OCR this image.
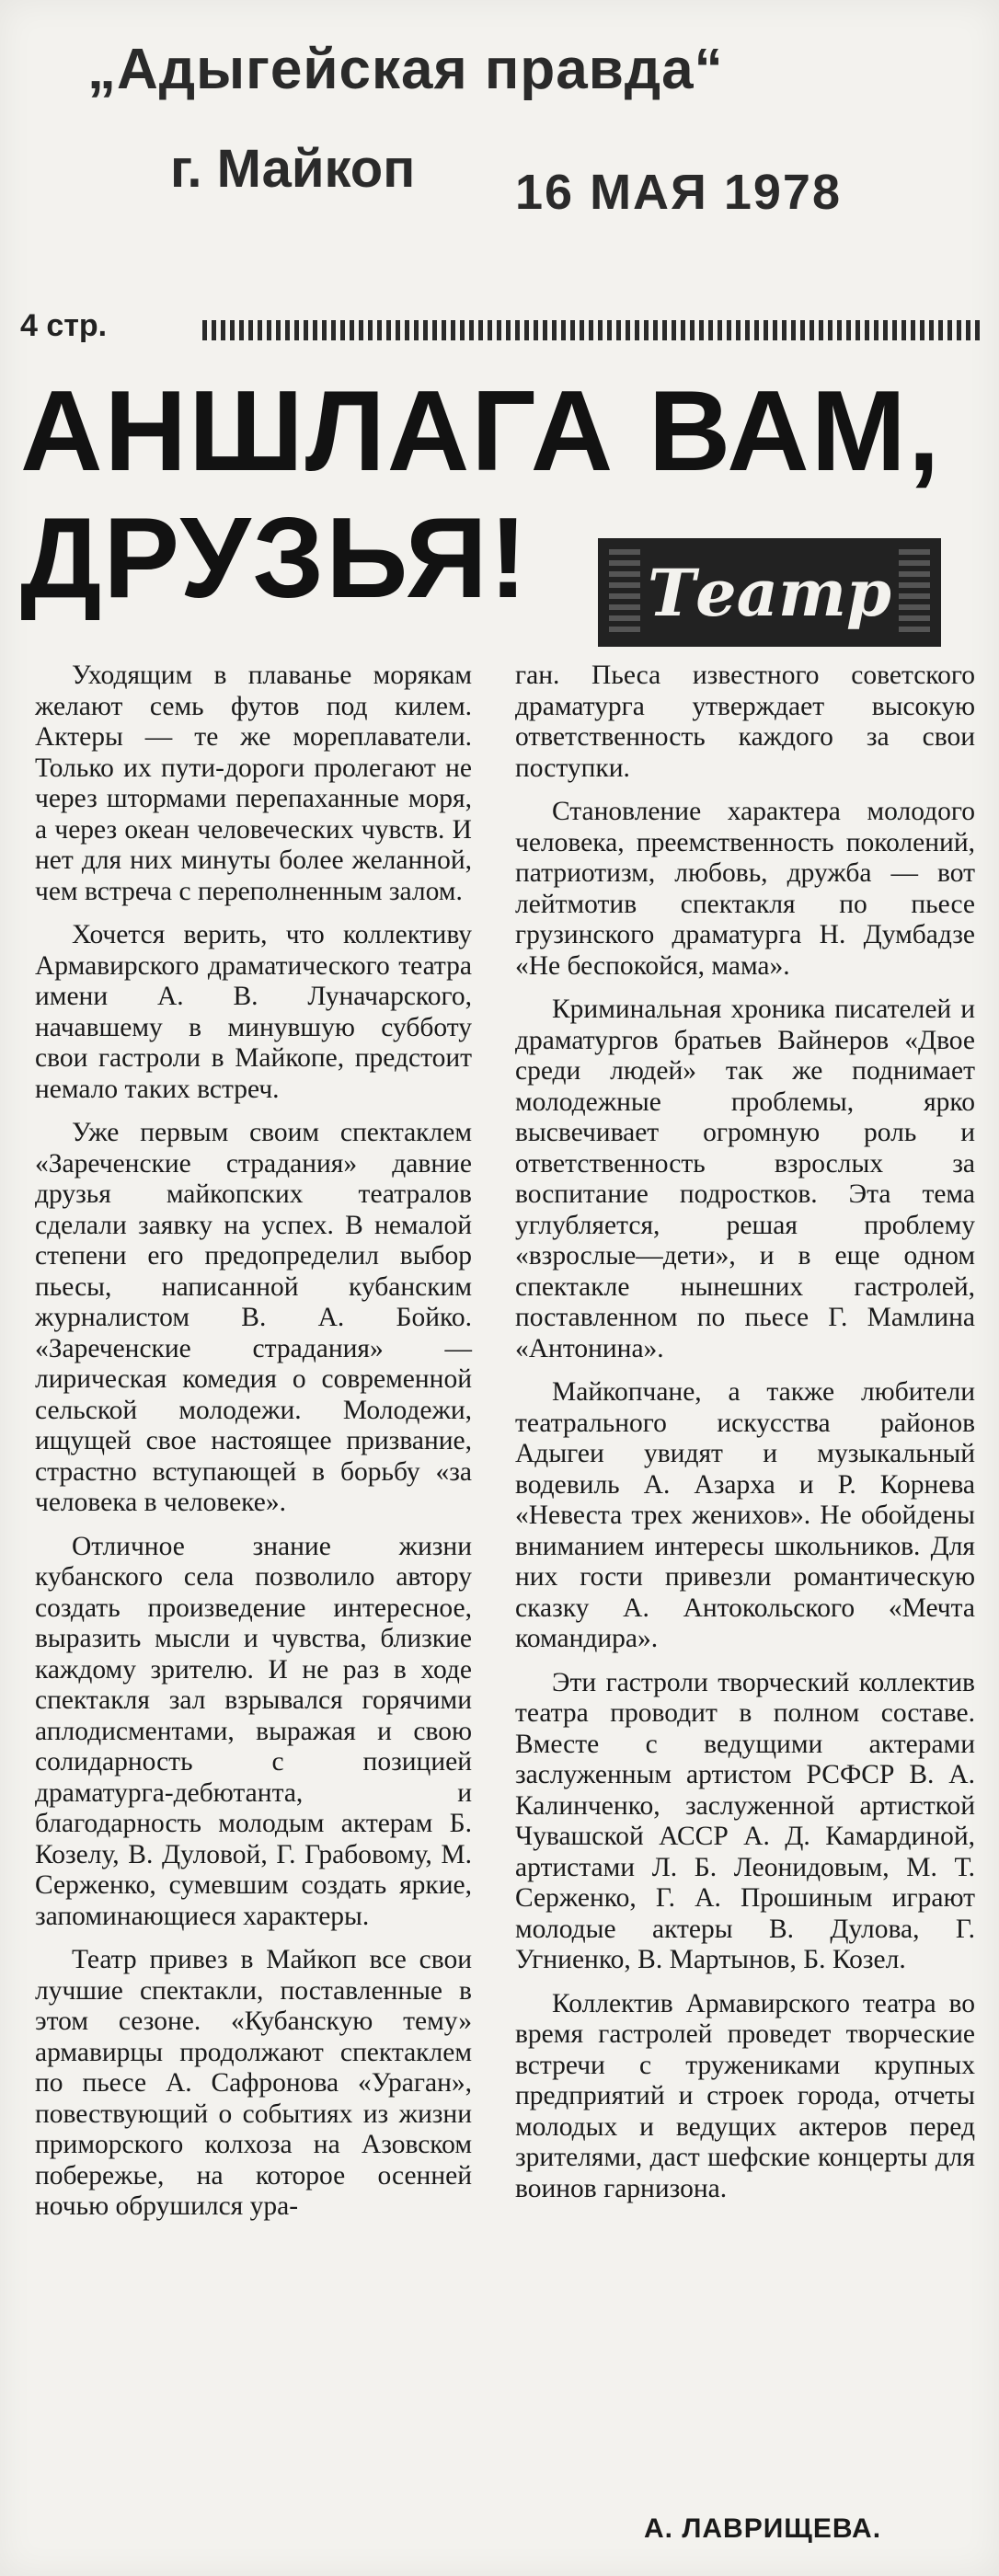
„Адыгейская правда“
г. Майкоп 16 МАЯ 1978
4 стр.
АНШЛАГА ВАМ,
ДРУЗЬЯ!	Театр

Уходящим в плаванье морякам желают семь футов под килем. Актеры — те же мореплаватели. Только их пути-дороги пролегают не через штормами перепаханные моря, а через океан человеческих чувств. И нет для них минуты более желанной, чем встреча с переполненным залом.

Хочется верить, что коллективу Армавирского драматического театра имени А. В. Луначарского, начавшему в минувшую субботу свои гастроли в Майкопе, предстоит немало таких встреч.

Уже первым своим спектаклем «Зареченские страдания» давние друзья майкопских театралов сделали заявку на успех. В немалой степени его предопределил выбор пьесы, написанной кубанским журналистом В. А. Бойко. «Зареченские страдания» — лирическая комедия о современной сельской молодежи. Молодежи, ищущей свое настоящее призвание, страстно вступающей в борьбу «за человека в человеке».

Отличное знание жизни кубанского села позволило автору создать произведение интересное, выразить мысли и чувства, близкие каждому зрителю. И не раз в ходе спектакля зал взрывался горячими аплодисментами, выражая и свою солидарность с позицией драматурга-дебютанта, и благодарность молодым актерам Б. Козелу, В. Дуловой, Г. Грабовому, М. Серженко, сумевшим создать яркие, запоминающиеся характеры.

Театр привез в Майкоп все свои лучшие спектакли, поставленные в этом сезоне. «Кубанскую тему» армавирцы продолжают спектаклем по пьесе А. Сафронова «Ураган», повествующий о событиях из жизни приморского колхоза на Азовском побережье, на которое осенней ночью обрушился ура-

ган. Пьеса известного советского драматурга утверждает высокую ответственность каждого за свои поступки.

Становление характера молодого человека, преемственность поколений, патриотизм, любовь, дружба — вот лейтмотив спектакля по пьесе грузинского драматурга Н. Думбадзе «Не беспокойся, мама».

Криминальная хроника писателей и драматургов братьев Вайнеров «Двое среди людей» так же поднимает молодежные проблемы, ярко высвечивает огромную роль и ответственность взрослых за воспитание подростков. Эта тема углубляется, решая проблему «взрослые—дети», и в еще одном спектакле нынешних гастролей, поставленном по пьесе Г. Мамлина «Антонина».

Майкопчане, а также любители театрального искусства районов Адыгеи увидят и музыкальный водевиль А. Азарха и Р. Корнева «Невеста трех женихов». Не обойдены вниманием интересы школьников. Для них гости привезли романтическую сказку А. Антокольского «Мечта командира».

Эти гастроли творческий коллектив театра проводит в полном составе. Вместе с ведущими актерами заслуженным артистом РСФСР В. А. Калинченко, заслуженной артисткой Чувашской АССР А. Д. Камардиной, артистами Л. Б. Леонидовым, М. Т. Серженко, Г. А. Прошиным играют молодые актеры В. Дулова, Г. Угниенко, В. Мартынов, Б. Козел.

Коллектив Армавирского театра во время гастролей проведет творческие встречи с тружениками крупных предприятий и строек города, отчеты молодых и ведущих актеров перед зрителями, даст шефские концерты для воинов гарнизона.

А. ЛАВРИЩЕВА.
